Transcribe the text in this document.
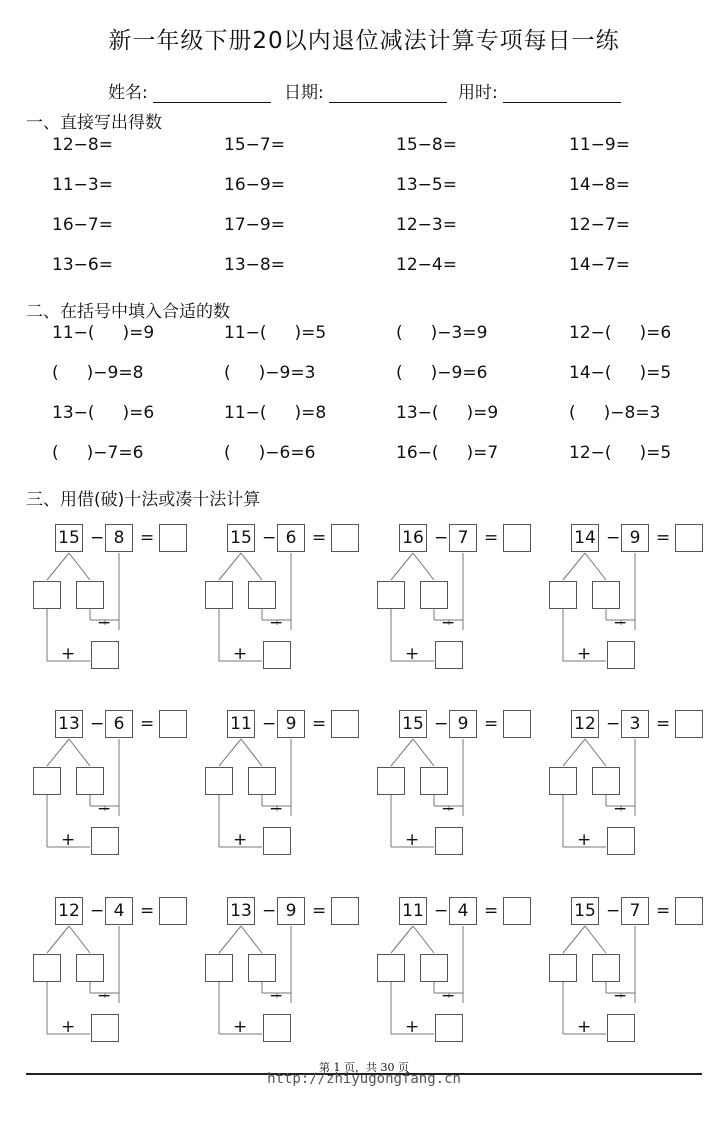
新一年级下册20以内退位减法计算专项每日一练
姓名:	日期:	用时:
一、直接写出得数
12−8=	15−7=	15−8=	11−9=
11−3=	16−9=	13−5=	14−8=
16−7=	17−9=	12−3=	12−7=
13−6=	13−8=	12−4=	14−7=
二、在括号中填入合适的数
11−( )=9	11−( )=5	( )−3=9	12−( )=6
( )−9=8	( )−9=3	( )−9=6	14−( )=5
13−( )=6	11−( )=8	13−( )=9	( )−8=3
( )−7=6	( )−6=6	16−( )=7	12−( )=5
三、用借(破)十法或凑十法计算
15 − 8 =
−
+
15 − 6 =
−
+
16 − 7 =
−
+
14 − 9 =
−
+
13 − 6 =
−
+
11 − 9 =
−
+
15 − 9 =
−
+
12 − 3 =
−
+
12 − 4 =
−
+
13 − 9 =
−
+
11 − 4 =
−
+
15 − 7 =
−
+
第 1 页，共 30 页
http://zhiyugongfang.cn
